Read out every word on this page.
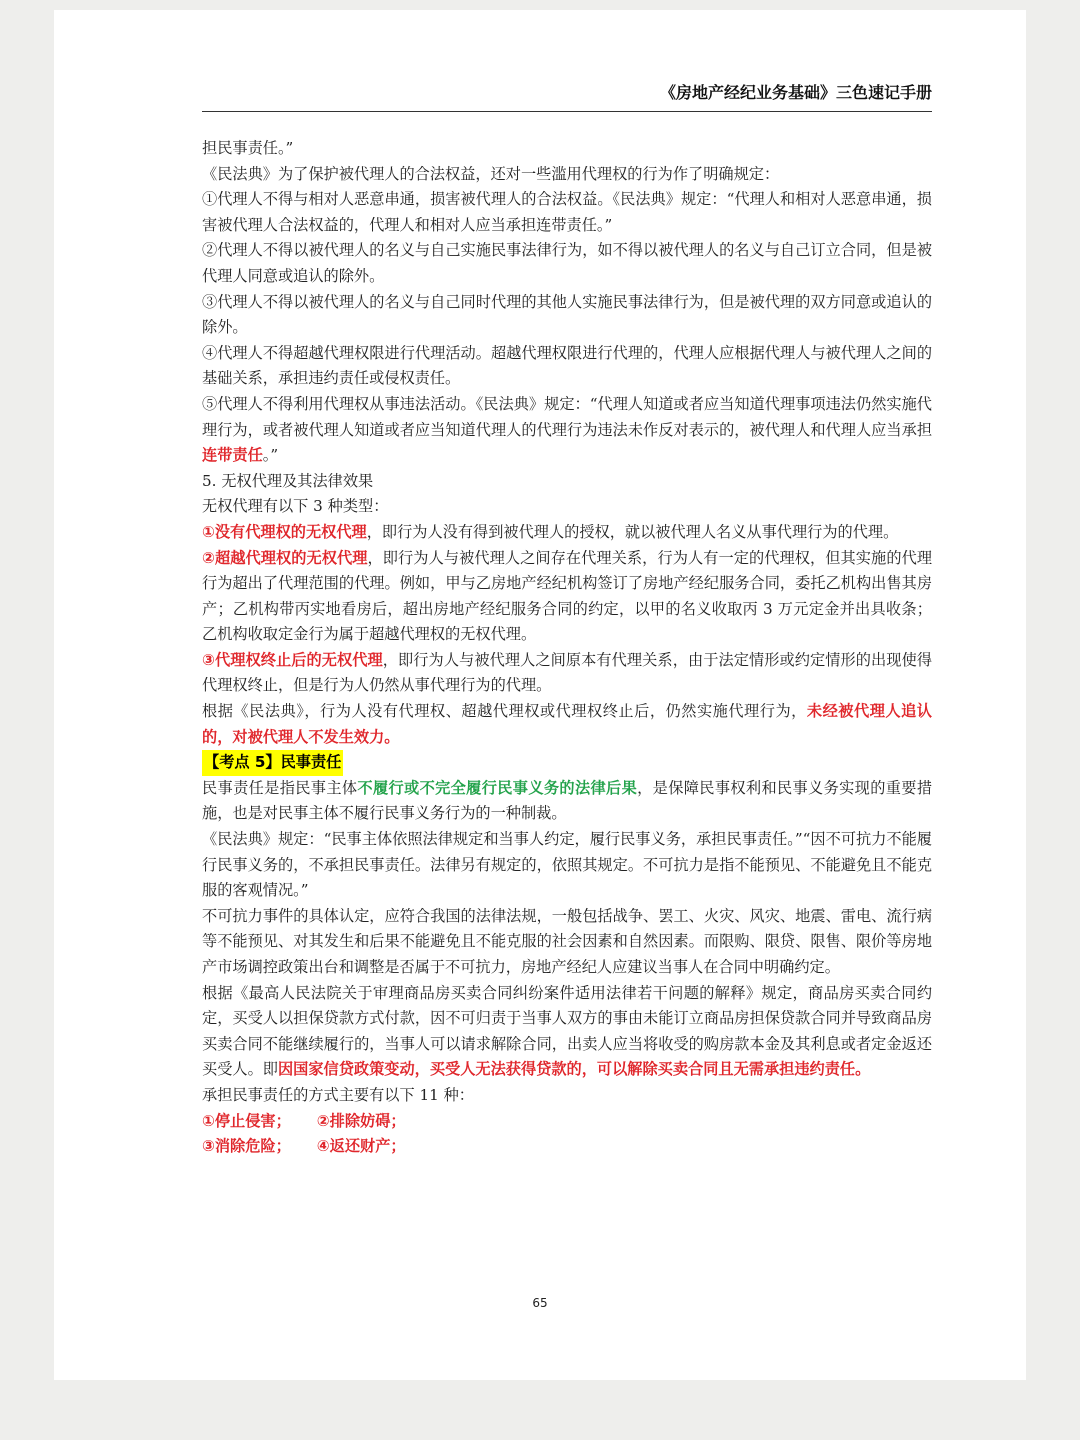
《房地产经纪业务基础》三色速记手册

担民事责任。”

《民法典》为了保护被代理人的合法权益，还对一些滥用代理权的行为作了明确规定：

①代理人不得与相对人恶意串通，损害被代理人的合法权益。《民法典》规定：“代理人和相对人恶意串通，损害被代理人合法权益的，代理人和相对人应当承担连带责任。”

②代理人不得以被代理人的名义与自己实施民事法律行为，如不得以被代理人的名义与自己订立合同，但是被代理人同意或追认的除外。

③代理人不得以被代理人的名义与自己同时代理的其他人实施民事法律行为，但是被代理的双方同意或追认的除外。

④代理人不得超越代理权限进行代理活动。超越代理权限进行代理的，代理人应根据代理人与被代理人之间的基础关系，承担违约责任或侵权责任。

⑤代理人不得利用代理权从事违法活动。《民法典》规定：“代理人知道或者应当知道代理事项违法仍然实施代理行为，或者被代理人知道或者应当知道代理人的代理行为违法未作反对表示的，被代理人和代理人应当承担连带责任。”

5. 无权代理及其法律效果

无权代理有以下 3 种类型：

①没有代理权的无权代理，即行为人没有得到被代理人的授权，就以被代理人名义从事代理行为的代理。

②超越代理权的无权代理，即行为人与被代理人之间存在代理关系，行为人有一定的代理权，但其实施的代理行为超出了代理范围的代理。例如，甲与乙房地产经纪机构签订了房地产经纪服务合同，委托乙机构出售其房产；乙机构带丙实地看房后，超出房地产经纪服务合同的约定，以甲的名义收取丙 3 万元定金并出具收条；乙机构收取定金行为属于超越代理权的无权代理。

③代理权终止后的无权代理，即行为人与被代理人之间原本有代理关系，由于法定情形或约定情形的出现使得代理权终止，但是行为人仍然从事代理行为的代理。

根据《民法典》，行为人没有代理权、超越代理权或代理权终止后，仍然实施代理行为，未经被代理人追认的，对被代理人不发生效力。

【考点 5】民事责任

民事责任是指民事主体不履行或不完全履行民事义务的法律后果，是保障民事权利和民事义务实现的重要措施，也是对民事主体不履行民事义务行为的一种制裁。

《民法典》规定：“民事主体依照法律规定和当事人约定，履行民事义务，承担民事责任。”“因不可抗力不能履行民事义务的，不承担民事责任。法律另有规定的，依照其规定。不可抗力是指不能预见、不能避免且不能克服的客观情况。”

不可抗力事件的具体认定，应符合我国的法律法规，一般包括战争、罢工、火灾、风灾、地震、雷电、流行病等不能预见、对其发生和后果不能避免且不能克服的社会因素和自然因素。而限购、限贷、限售、限价等房地产市场调控政策出台和调整是否属于不可抗力，房地产经纪人应建议当事人在合同中明确约定。

根据《最高人民法院关于审理商品房买卖合同纠纷案件适用法律若干问题的解释》规定，商品房买卖合同约定，买受人以担保贷款方式付款，因不可归责于当事人双方的事由未能订立商品房担保贷款合同并导致商品房买卖合同不能继续履行的，当事人可以请求解除合同，出卖人应当将收受的购房款本金及其利息或者定金返还买受人。即因国家信贷政策变动，买受人无法获得贷款的，可以解除买卖合同且无需承担违约责任。

承担民事责任的方式主要有以下 11 种：

①停止侵害； ②排除妨碍；

③消除危险； ④返还财产；

65
